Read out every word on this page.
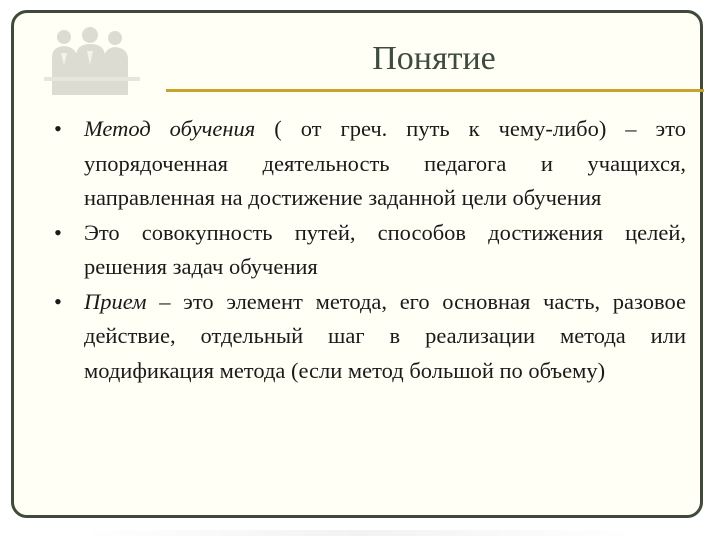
Понятие
• Метод обучения ( от греч. путь к чему-либо) – это упорядоченная деятельность педагога и учащихся, направленная на достижение заданной цели обучения
• Это совокупность путей, способов достижения целей, решения задач обучения
• Прием – это элемент метода, его основная часть, разовое действие, отдельный шаг в реализации метода или модификация метода (если метод большой по объему)
